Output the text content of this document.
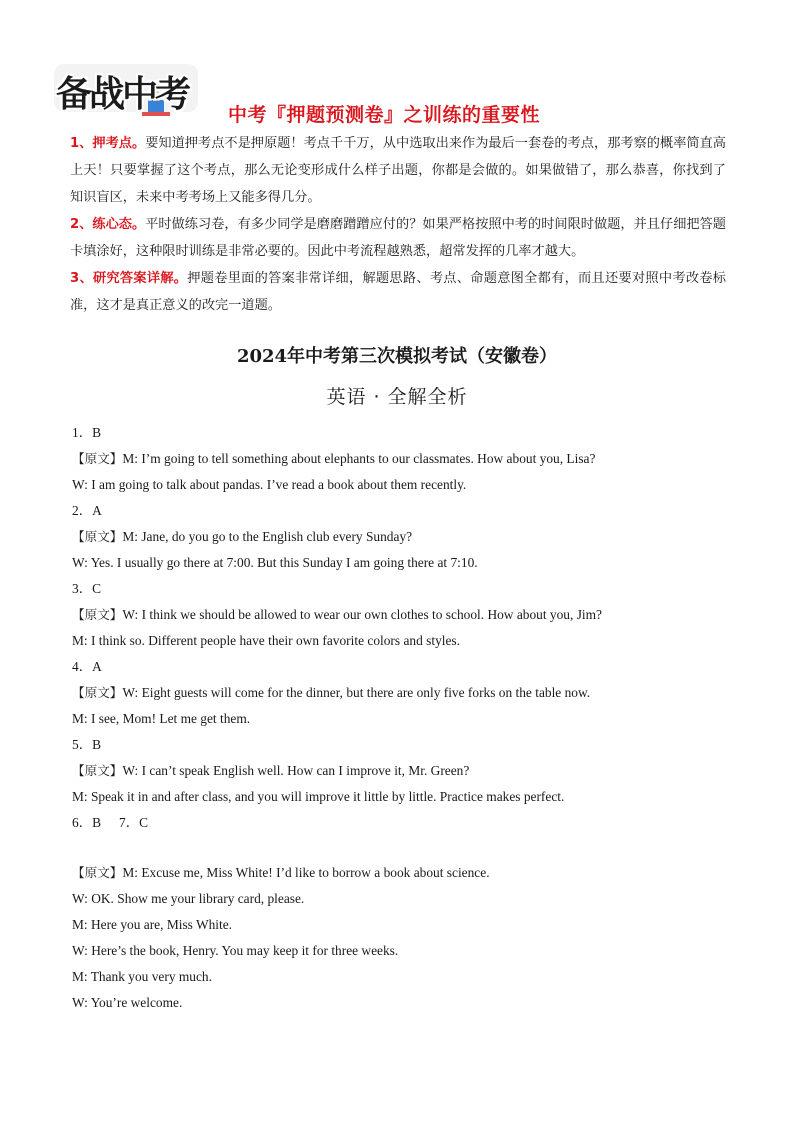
备战中考 中考『押题预测卷』之训练的重要性

1、押考点。要知道押考点不是押原题！考点千千万，从中选取出来作为最后一套卷的考点，那考察的概率简直高上天！只要掌握了这个考点，那么无论变形成什么样子出题，你都是会做的。如果做错了，那么恭喜，你找到了知识盲区，未来中考考场上又能多得几分。

2、练心态。平时做练习卷，有多少同学是磨磨蹭蹭应付的？如果严格按照中考的时间限时做题，并且仔细把答题卡填涂好，这种限时训练是非常必要的。因此中考流程越熟悉，超常发挥的几率才越大。

3、研究答案详解。押题卷里面的答案非常详细，解题思路、考点、命题意图全都有，而且还要对照中考改卷标准，这才是真正意义的改完一道题。

2024年中考第三次模拟考试（安徽卷）
英语 · 全解全析
1．B
【原文】M: I’m going to tell something about elephants to our classmates. How about you, Lisa?
W: I am going to talk about pandas. I’ve read a book about them recently.
2．A
【原文】M: Jane, do you go to the English club every Sunday?
W: Yes. I usually go there at 7:00. But this Sunday I am going there at 7:10.
3．C
【原文】W: I think we should be allowed to wear our own clothes to school. How about you, Jim?
M: I think so. Different people have their own favorite colors and styles.
4．A
【原文】W: Eight guests will come for the dinner, but there are only five forks on the table now.
M: I see, Mom! Let me get them.
5．B
【原文】W: I can’t speak English well. How can I improve it, Mr. Green?
M: Speak it in and after class, and you will improve it little by little. Practice makes perfect.
6．B 7．C
【原文】M: Excuse me, Miss White! I’d like to borrow a book about science.
W: OK. Show me your library card, please.
M: Here you are, Miss White.
W: Here’s the book, Henry. You may keep it for three weeks.
M: Thank you very much.
W: You’re welcome.
